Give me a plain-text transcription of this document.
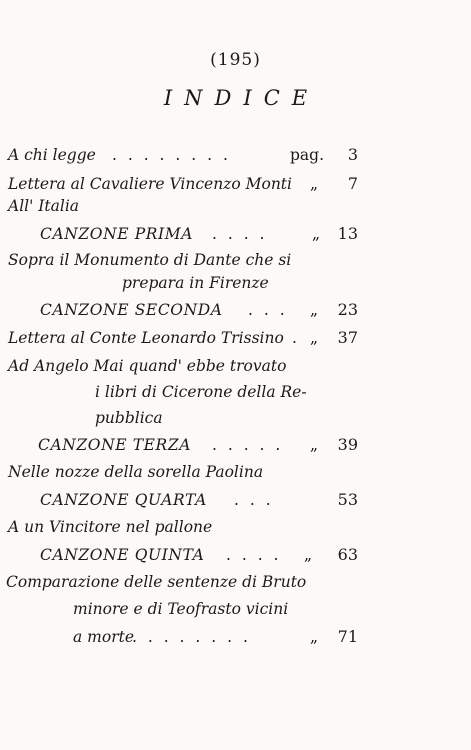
(195)
INDICE
A chi legge . . . . . . . .	pag.	3
Lettera al Cavaliere Vincenzo Monti „	7
All' Italia
CANZONE PRIMA . . . .	„	13
Sopra il Monumento di Dante che si
prepara in Firenze
CANZONE SECONDA . . . „	23
Lettera al Conte Leonardo Trissino . „	37
Ad Angelo Mai quand' ebbe trovato
i libri di Cicerone della Re-
pubblica
CANZONE TERZA . . . . . „	39
Nelle nozze della sorella Paolina
CANZONE QUARTA . . .	53
A un Vincitore nel pallone
CANZONE QUINTA . . . . „	63
Comparazione delle sentenze di Bruto
minore e di Teofrasto vicini
a morte
. . . . . . . .	„	71
